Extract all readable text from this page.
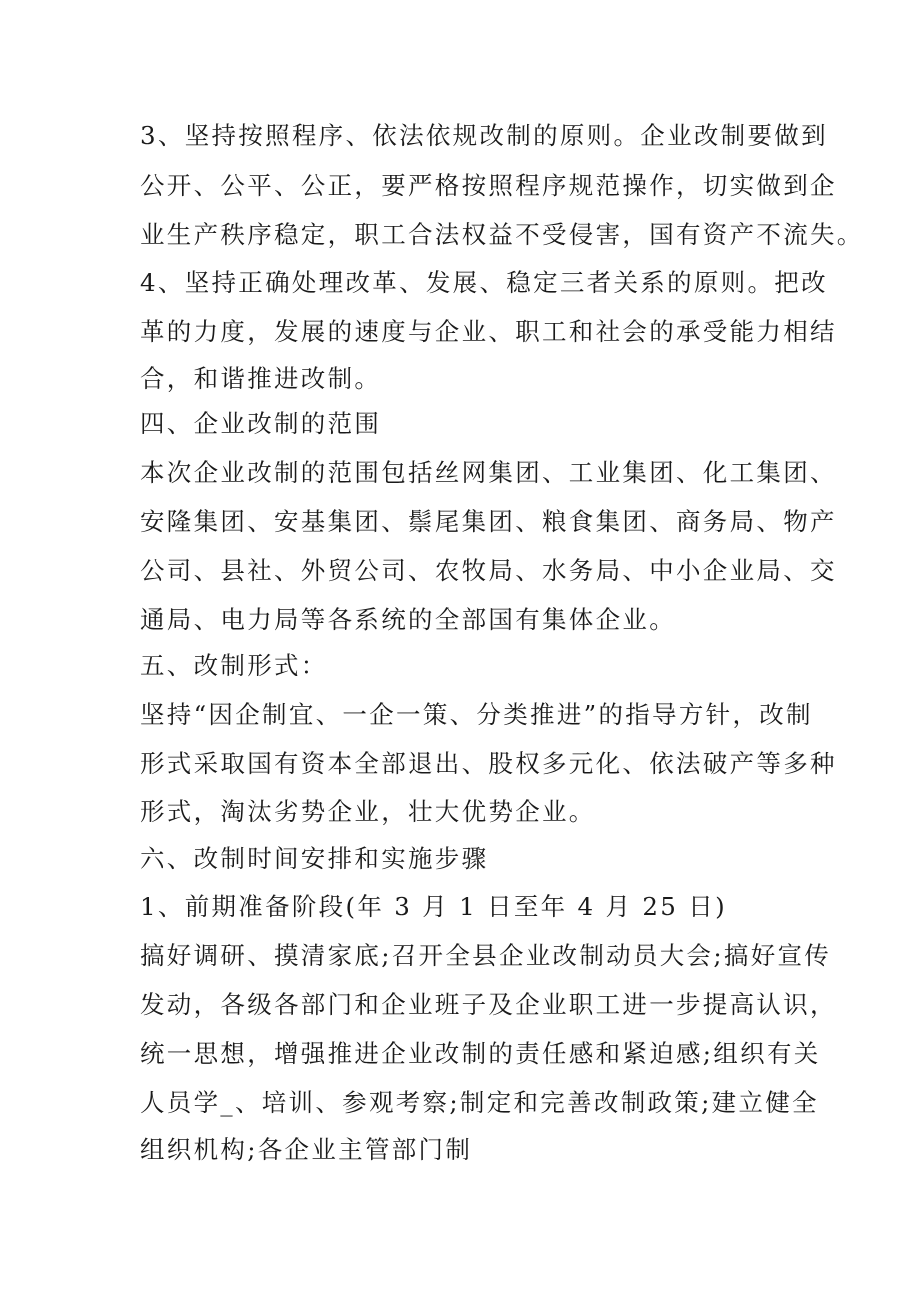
3、坚持按照程序、依法依规改制的原则。企业改制要做到

公开、公平、公正，要严格按照程序规范操作，切实做到企

业生产秩序稳定，职工合法权益不受侵害，国有资产不流失。

4、坚持正确处理改革、发展、稳定三者关系的原则。把改

革的力度，发展的速度与企业、职工和社会的承受能力相结

合，和谐推进改制。

四、企业改制的范围

本次企业改制的范围包括丝网集团、工业集团、化工集团、

安隆集团、安基集团、鬃尾集团、粮食集团、商务局、物产

公司、县社、外贸公司、农牧局、水务局、中小企业局、交

通局、电力局等各系统的全部国有集体企业。

五、改制形式：

坚持“因企制宜、一企一策、分类推进”的指导方针，改制

形式采取国有资本全部退出、股权多元化、依法破产等多种

形式，淘汰劣势企业，壮大优势企业。

六、改制时间安排和实施步骤

1、前期准备阶段(年 3 月 1 日至年 4 月 25 日)

搞好调研、摸清家底;召开全县企业改制动员大会;搞好宣传

发动，各级各部门和企业班子及企业职工进一步提高认识，

统一思想，增强推进企业改制的责任感和紧迫感;组织有关

人员学_、培训、参观考察;制定和完善改制政策;建立健全

组织机构;各企业主管部门制
